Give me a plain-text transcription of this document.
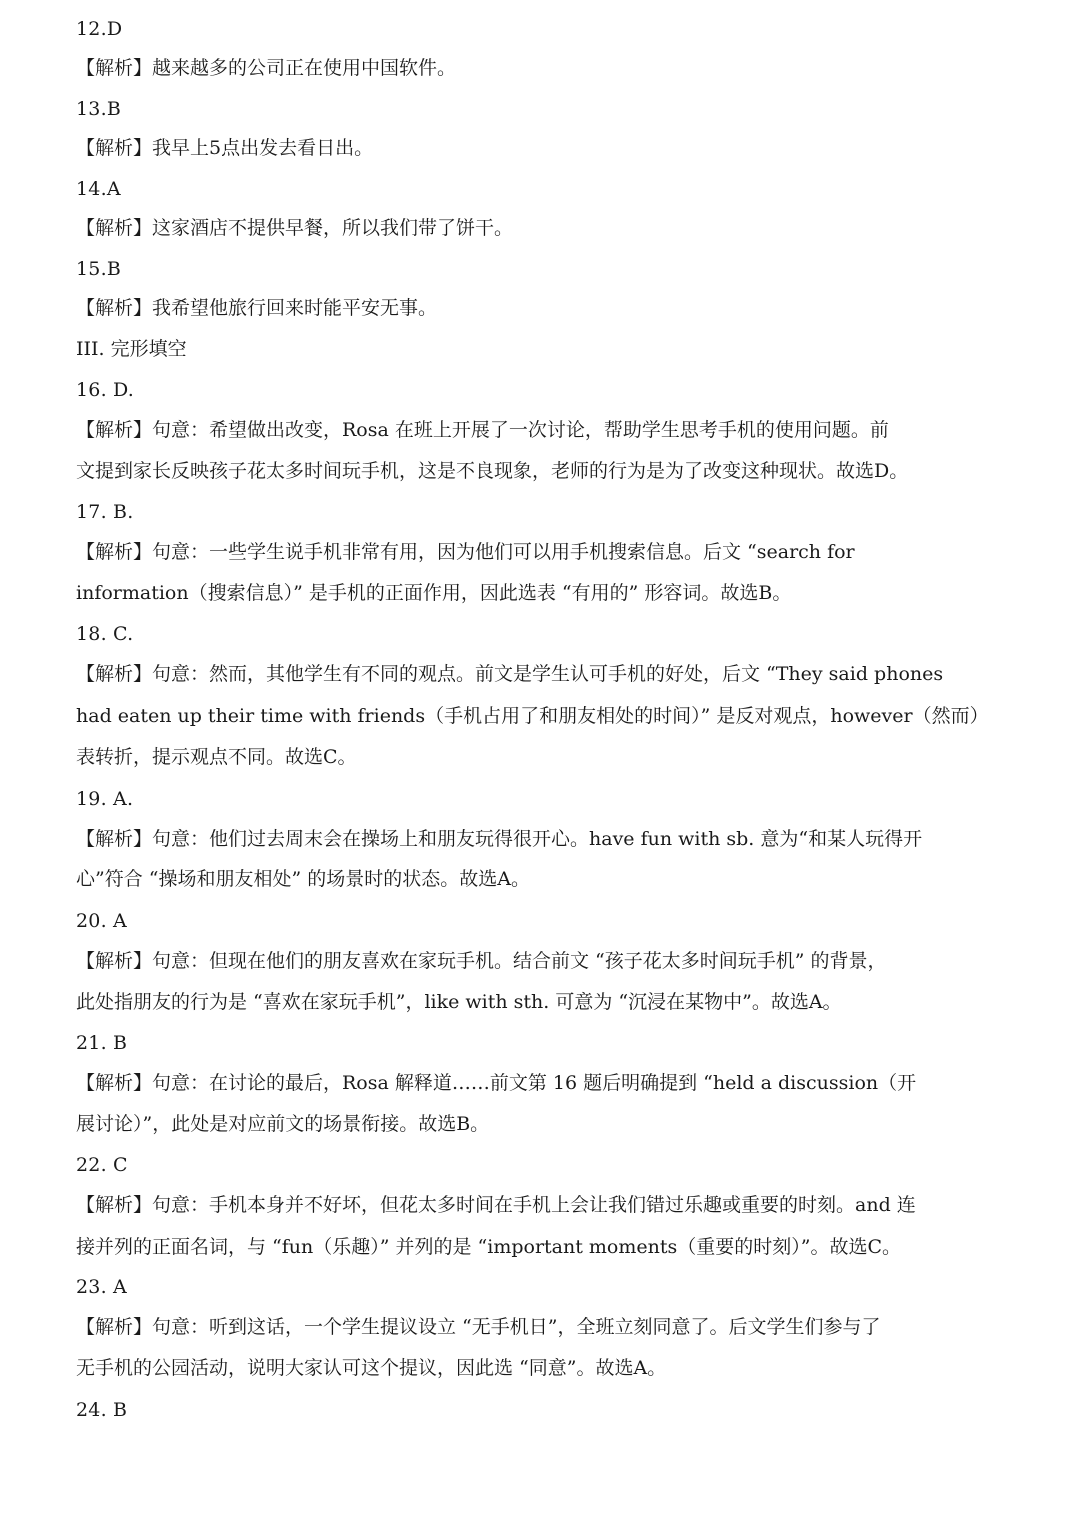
12.D
【解析】越来越多的公司正在使用中国软件。
13.B
【解析】我早上5点出发去看日出。
14.A
【解析】这家酒店不提供早餐，所以我们带了饼干。
15.B
【解析】我希望他旅行回来时能平安无事。
III. 完形填空
16. D.
【解析】句意：希望做出改变，Rosa 在班上开展了一次讨论，帮助学生思考手机的使用问题。前
文提到家长反映孩子花太多时间玩手机，这是不良现象，老师的行为是为了改变这种现状。故选D。
17. B.
【解析】句意：一些学生说手机非常有用，因为他们可以用手机搜索信息。后文 “search for
information（搜索信息）” 是手机的正面作用，因此选表 “有用的” 形容词。故选B。
18. C.
【解析】句意：然而，其他学生有不同的观点。前文是学生认可手机的好处，后文 “They said phones
had eaten up their time with friends（手机占用了和朋友相处的时间）” 是反对观点，however（然而）
表转折，提示观点不同。故选C。
19. A.
【解析】句意：他们过去周末会在操场上和朋友玩得很开心。have fun with sb. 意为“和某人玩得开
心”符合 “操场和朋友相处” 的场景时的状态。故选A。
20. A
【解析】句意：但现在他们的朋友喜欢在家玩手机。结合前文 “孩子花太多时间玩手机” 的背景，
此处指朋友的行为是 “喜欢在家玩手机”，like with sth. 可意为 “沉浸在某物中”。故选A。
21. B
【解析】句意：在讨论的最后，Rosa 解释道……前文第 16 题后明确提到 “held a discussion（开
展讨论）”，此处是对应前文的场景衔接。故选B。
22. C
【解析】句意：手机本身并不好坏，但花太多时间在手机上会让我们错过乐趣或重要的时刻。and 连
接并列的正面名词，与 “fun（乐趣）” 并列的是 “important moments（重要的时刻）”。故选C。
23. A
【解析】句意：听到这话，一个学生提议设立 “无手机日”，全班立刻同意了。后文学生们参与了
无手机的公园活动，说明大家认可这个提议，因此选 “同意”。故选A。
24. B
